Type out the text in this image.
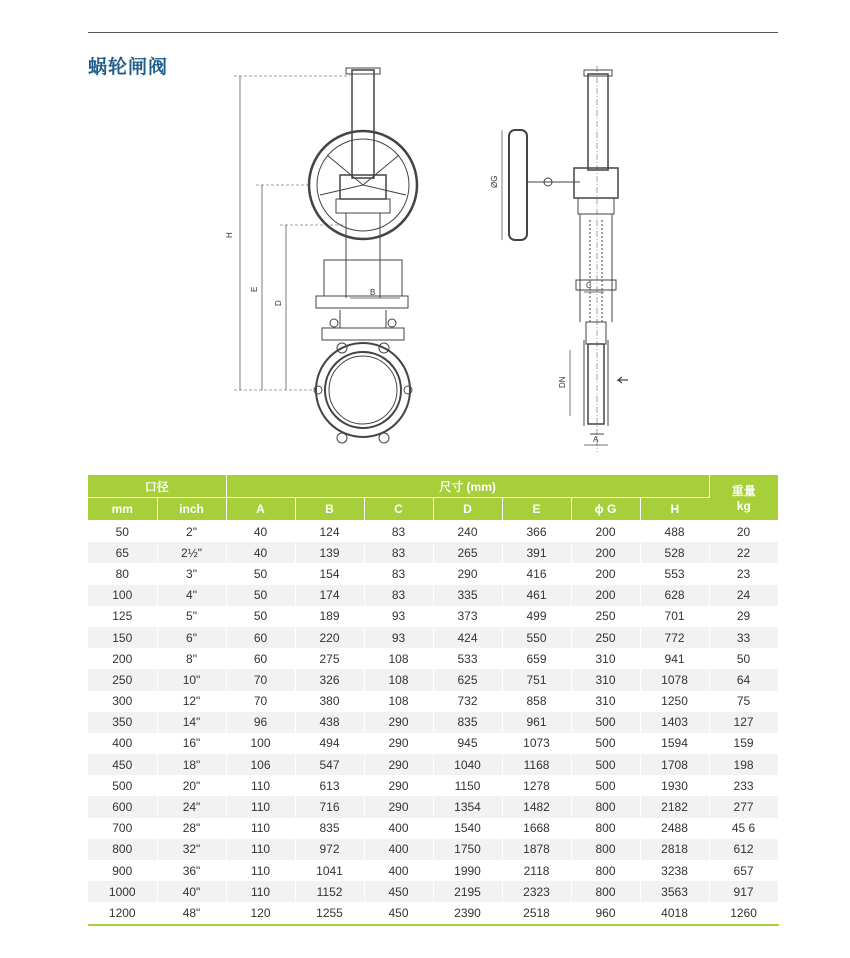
蜗轮闸阀
H
E
D
B
ØG
C
DN
A
口径		尺寸 (mm)							重量
kg
mm	inch	A	B	C	D	E	ϕ G	H	
50	2"	40	124	83	240	366	200	488	20
65	2½"	40	139	83	265	391	200	528	22
80	3"	50	154	83	290	416	200	553	23
100	4"	50	174	83	335	461	200	628	24
125	5"	50	189	93	373	499	250	701	29
150	6"	60	220	93	424	550	250	772	33
200	8"	60	275	108	533	659	310	941	50
250	10"	70	326	108	625	751	310	1078	64
300	12"	70	380	108	732	858	310	1250	75
350	14"	96	438	290	835	961	500	1403	127
400	16"	100	494	290	945	1073	500	1594	159
450	18"	106	547	290	1040	1168	500	1708	198
500	20"	110	613	290	1150	1278	500	1930	233
600	24"	110	716	290	1354	1482	800	2182	277
700	28"	110	835	400	1540	1668	800	2488	45 6
800	32"	110	972	400	1750	1878	800	2818	612
900	36"	110	1041	400	1990	2118	800	3238	657
1000	40"	110	1152	450	2195	2323	800	3563	917
1200	48"	120	1255	450	2390	2518	960	4018	1260
